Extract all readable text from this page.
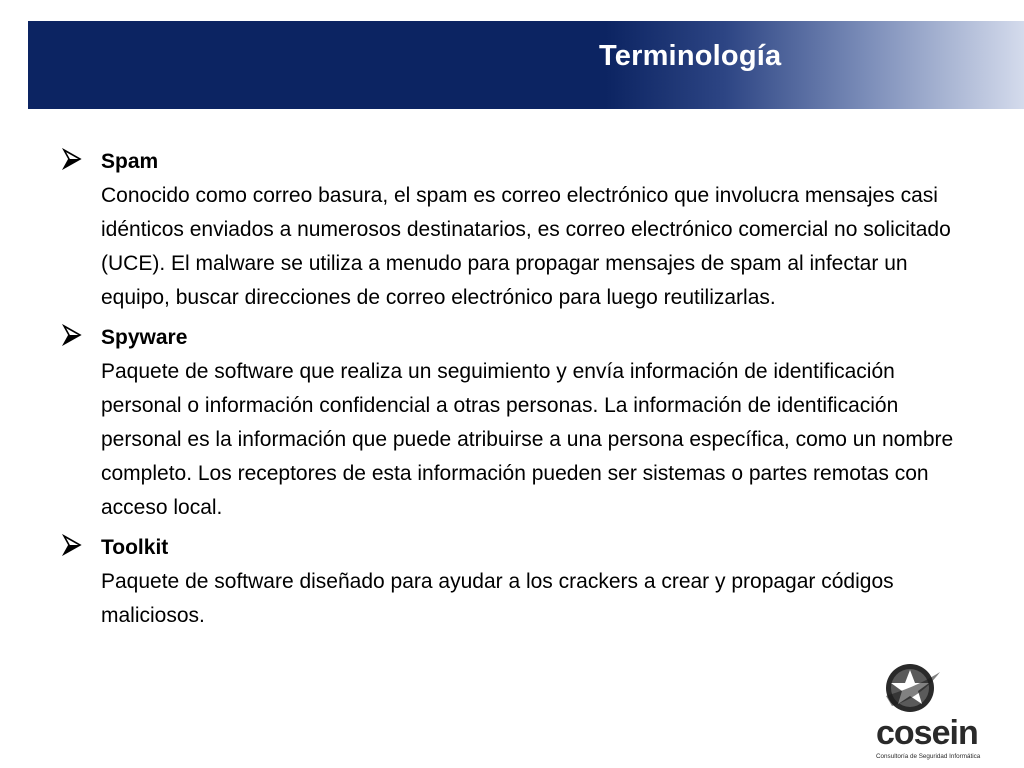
Terminología
Spam
Conocido como correo basura, el spam es correo electrónico que involucra mensajes casi idénticos enviados a numerosos destinatarios, es correo electrónico comercial no solicitado (UCE). El malware se utiliza a menudo para propagar mensajes de spam al infectar un equipo, buscar direcciones de correo electrónico para luego reutilizarlas.
Spyware
Paquete de software que realiza un seguimiento y envía información de identificación personal o información confidencial a otras personas. La información de identificación personal es la información que puede atribuirse a una persona específica, como un nombre completo. Los receptores de esta información pueden ser sistemas o partes remotas con acceso local.
Toolkit
Paquete de software diseñado para ayudar a los crackers a crear y propagar códigos maliciosos.
cosein
Consultoría de Seguridad Informática
